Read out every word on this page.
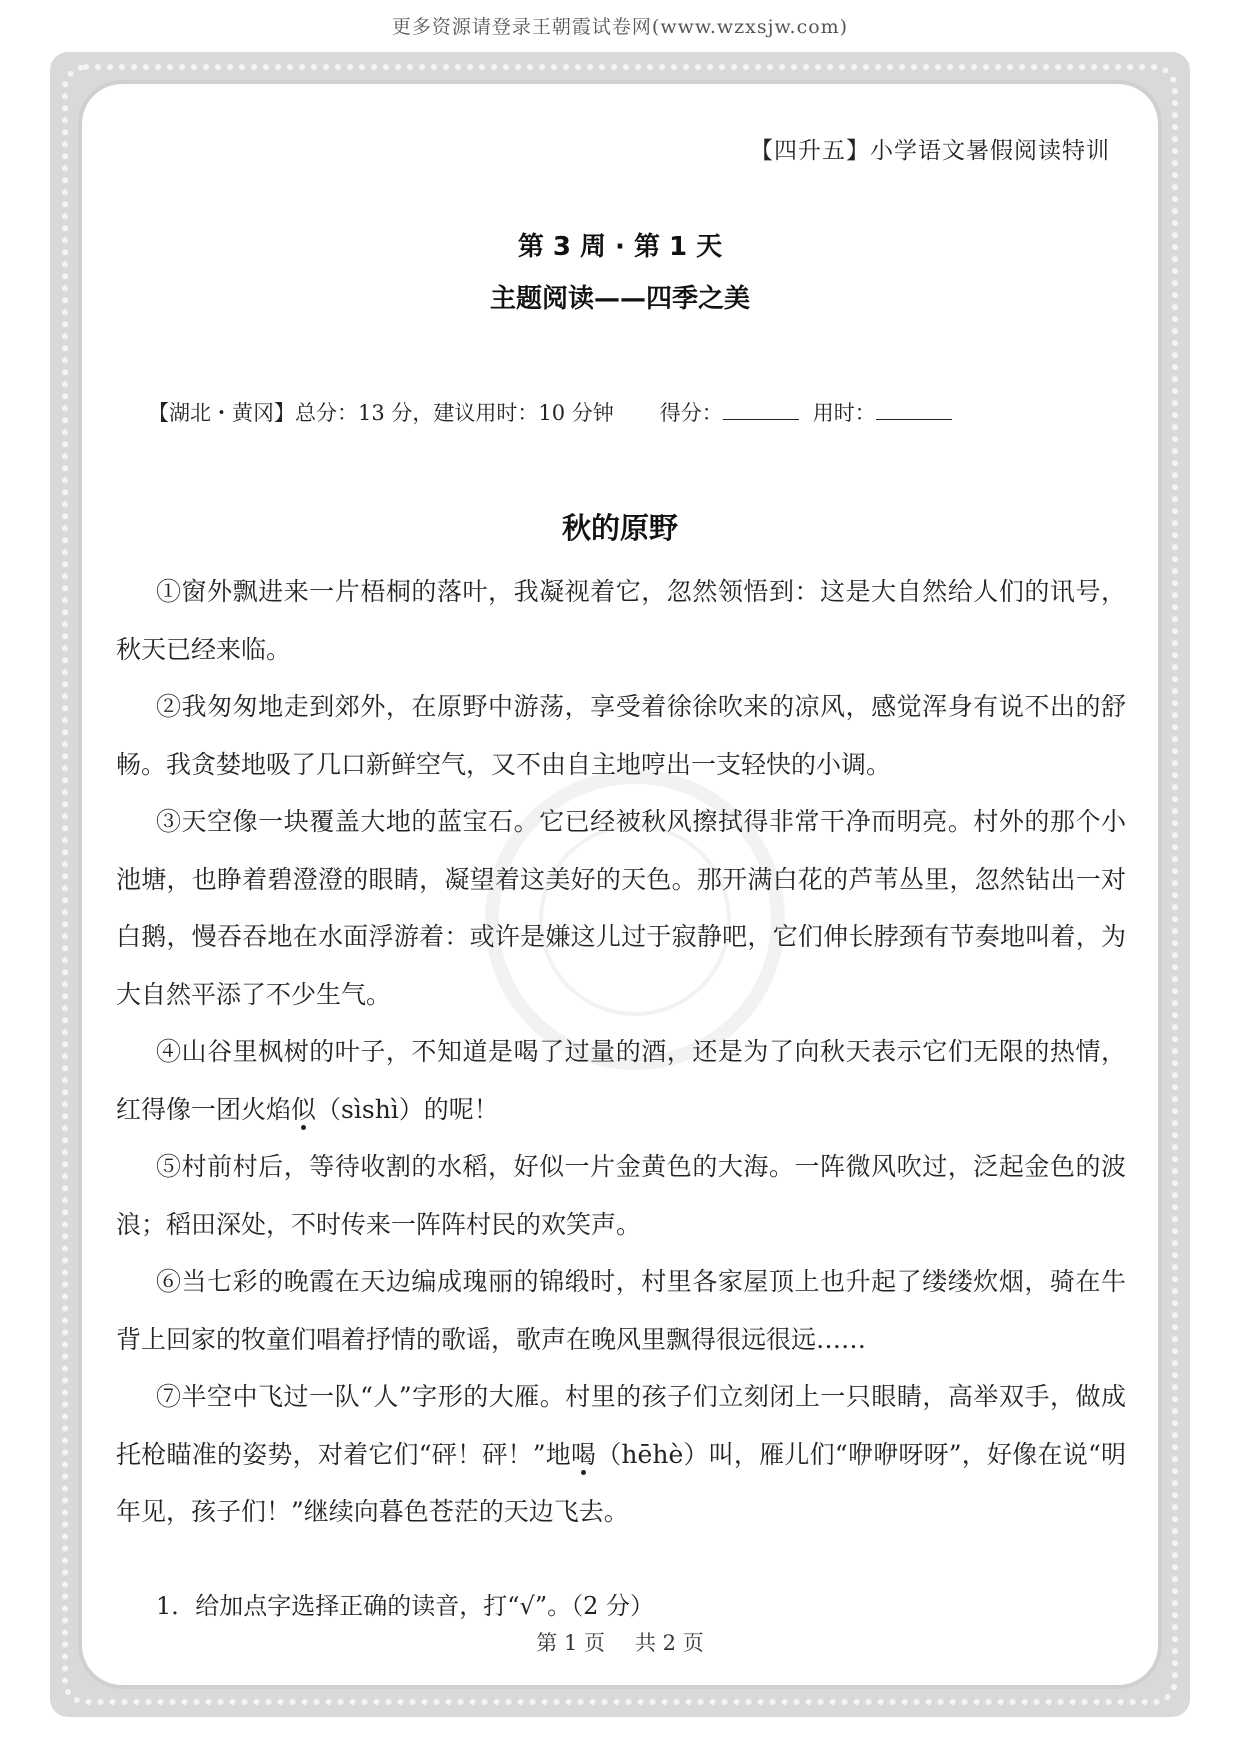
更多资源请登录王朝霞试卷网(www.wzxsjw.com)
【四升五】小学语文暑假阅读特训
第 3 周 · 第 1 天
主题阅读——四季之美
【湖北・黄冈】总分：13 分，建议用时：10 分钟 得分：	用时：
秋的原野

①窗外飘进来一片梧桐的落叶，我凝视着它，忽然领悟到：这是大自然给人们的讯号，秋天已经来临。

②我匆匆地走到郊外，在原野中游荡，享受着徐徐吹来的凉风，感觉浑身有说不出的舒畅。我贪婪地吸了几口新鲜空气，又不由自主地哼出一支轻快的小调。

③天空像一块覆盖大地的蓝宝石。它已经被秋风擦拭得非常干净而明亮。村外的那个小池塘，也睁着碧澄澄的眼睛，凝望着这美好的天色。那开满白花的芦苇丛里，忽然钻出一对白鹅，慢吞吞地在水面浮游着：或许是嫌这儿过于寂静吧，它们伸长脖颈有节奏地叫着，为大自然平添了不少生气。

④山谷里枫树的叶子，不知道是喝了过量的酒，还是为了向秋天表示它们无限的热情，红得像一团火焰似（sìshì）的呢！

⑤村前村后，等待收割的水稻，好似一片金黄色的大海。一阵微风吹过，泛起金色的波浪；稻田深处，不时传来一阵阵村民的欢笑声。

⑥当七彩的晚霞在天边编成瑰丽的锦缎时，村里各家屋顶上也升起了缕缕炊烟，骑在牛背上回家的牧童们唱着抒情的歌谣，歌声在晚风里飘得很远很远……

⑦半空中飞过一队“人”字形的大雁。村里的孩子们立刻闭上一只眼睛，高举双手，做成托枪瞄准的姿势，对着它们“砰！砰！”地喝（hēhè）叫，雁儿们“咿咿呀呀”，好像在说“明年见，孩子们！”继续向暮色苍茫的天边飞去。

1．给加点字选择正确的读音，打“√”。（2 分）
第 1 页 共 2 页
